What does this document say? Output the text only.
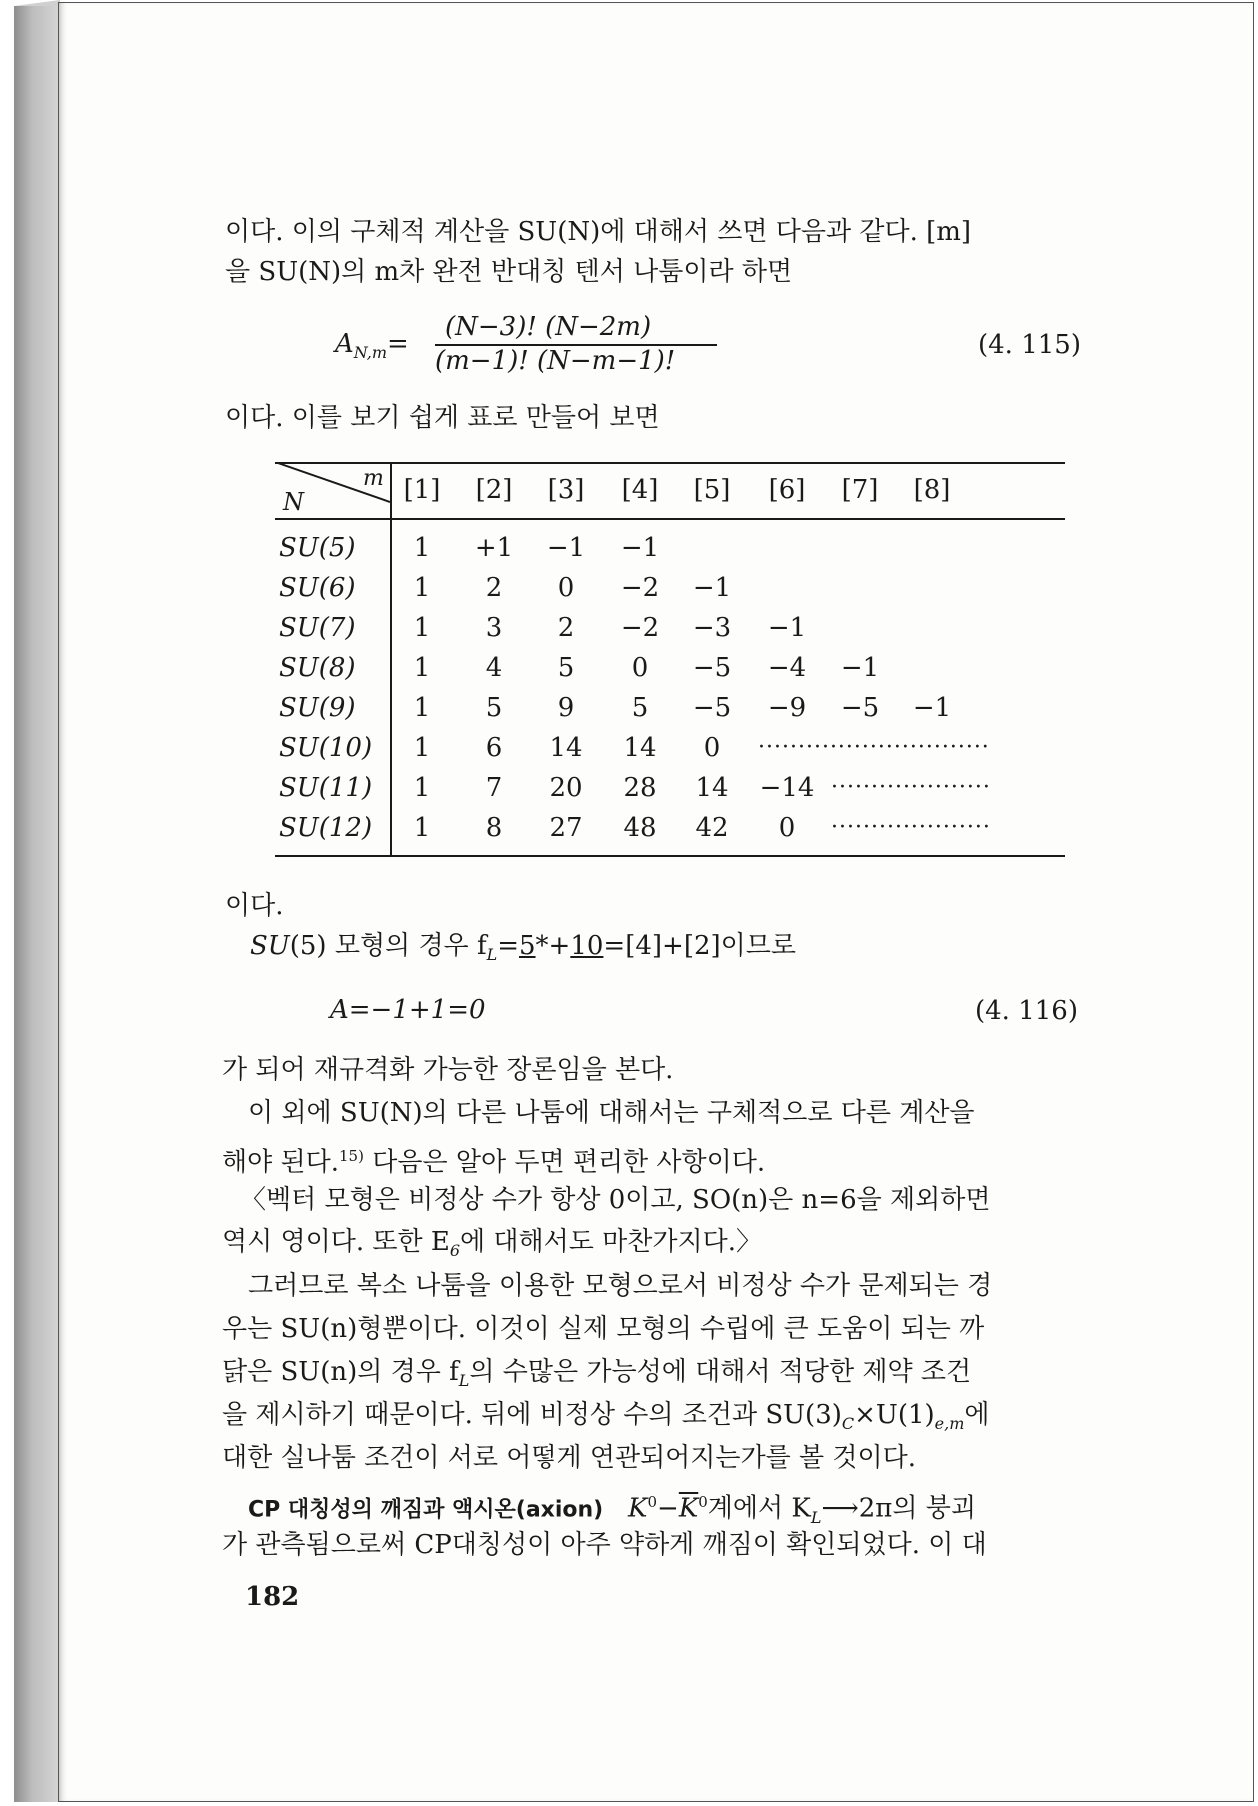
이다. 이의 구체적 계산을 SU(N)에 대해서 쓰면 다음과 같다. [m]
을 SU(N)의 m차 완전 반대칭 텐서 나툼이라 하면
$A_{N,m}=$
(N−3)! (N−2m)
(m−1)! (N−m−1)!
(4. 115)
이다. 이를 보기 쉽게 표로 만들어 보면
m
N	[1]	[2]	[3]	[4]	[5]	[6]	[7]	[8]
SU(5)	1	+1	−1	−1
SU(6)	1	2	0	−2	−1
SU(7)	1	3	2	−2	−3	−1
SU(8)	1	4	5	0	−5	−4	−1
SU(9)	1	5	9	5	−5	−9	−5	−1
SU(10)	1	6	14	14	0	·····························
SU(11)	1	7	20	28	14	−14 ····················
SU(12)	1	8	27	48	42	0	····················
이다.
SU(5) 모형의 경우 $f_L=5*+10=[4]+[2]$이므로
A=−1+1=0	(4. 116)
가 되어 재규격화 가능한 장론임을 본다.
이 외에 SU(N)의 다른 나툼에 대해서는 구체적으로 다른 계산을
해야 된다.$^{15)}$ 다음은 알아 두면 편리한 사항이다.
〈벡터 모형은 비정상 수가 항상 0이고, SO(n)은 n=6을 제외하면
역시 영이다. 또한 $E_6$에 대해서도 마찬가지다.〉
그러므로 복소 나툼을 이용한 모형으로서 비정상 수가 문제되는 경
우는 SU(n)형뿐이다. 이것이 실제 모형의 수립에 큰 도움이 되는 까
닭은 SU(n)의 경우 $f_L$의 수많은 가능성에 대해서 적당한 제약 조건
을 제시하기 때문이다. 뒤에 비정상 수의 조건과 $SU(3)_C\times U(1)_{e,m}$에
대한 실나툼 조건이 서로 어떻게 연관되어지는가를 볼 것이다.
CP 대칭성의 깨짐과 액시온(axion) $K^0-\overline{K}^0$계에서 $K_L⟶2\pi$의 붕괴
가 관측됨으로써 CP대칭성이 아주 약하게 깨짐이 확인되었다. 이 대
182
